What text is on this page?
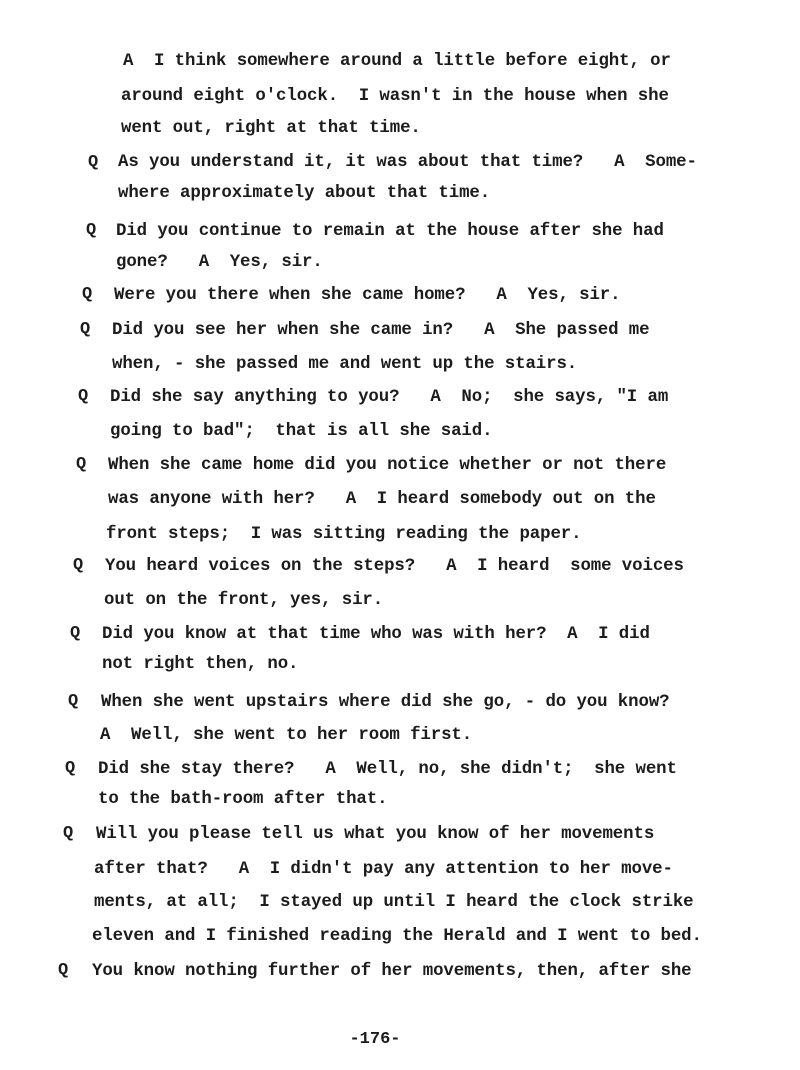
A  I think somewhere around a little before eight, or
around eight o'clock.  I wasn't in the house when she
went out, right at that time.
Q As you understand it, it was about that time?   A  Some-
where approximately about that time.
Q Did you continue to remain at the house after she had
gone?   A  Yes, sir.
Q Were you there when she came home?   A  Yes, sir.
Q Did you see her when she came in?   A  She passed me
when, - she passed me and went up the stairs.
Q Did she say anything to you?   A  No;  she says, "I am
going to bad";  that is all she said.
Q When she came home did you notice whether or not there
was anyone with her?   A  I heard somebody out on the
front steps;  I was sitting reading the paper.
Q You heard voices on the steps?   A  I heard  some voices
out on the front, yes, sir.
Q Did you know at that time who was with her?  A  I did
not right then, no.
Q When she went upstairs where did she go, - do you know?
A  Well, she went to her room first.
Q Did she stay there?   A  Well, no, she didn't;  she went
to the bath-room after that.
Q Will you please tell us what you know of her movements
after that?   A  I didn't pay any attention to her move-
ments, at all;  I stayed up until I heard the clock strike
eleven and I finished reading the Herald and I went to bed.
Q You know nothing further of her movements, then, after she
-176-
